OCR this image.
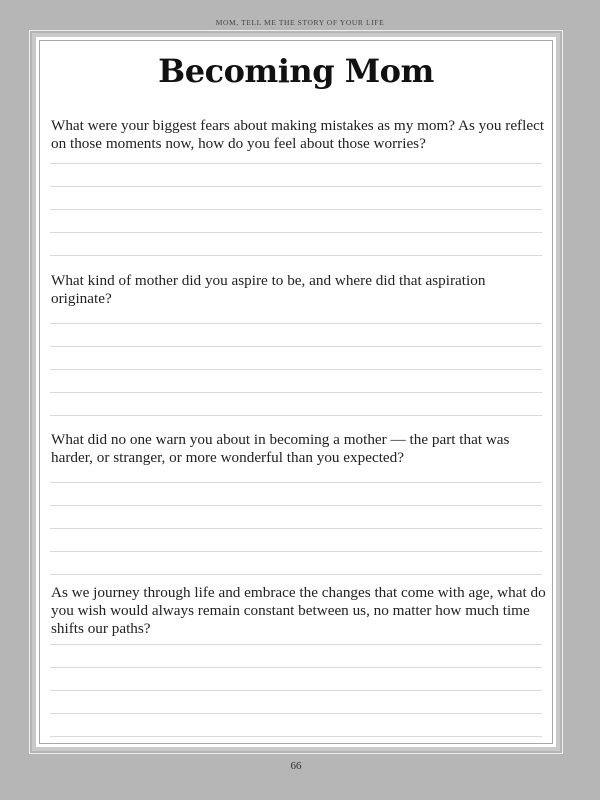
MOM, TELL ME THE STORY OF YOUR LIFE
Becoming Mom

What were your biggest fears about making mistakes as my mom? As you reflect on those moments now, how do you feel about those worries?

What kind of mother did you aspire to be, and where did that aspiration originate?

What did no one warn you about in becoming a mother — the part that was harder, or stranger, or more wonderful than you expected?

As we journey through life and embrace the changes that come with age, what do you wish would always remain constant between us, no matter how much time shifts our paths?

66
